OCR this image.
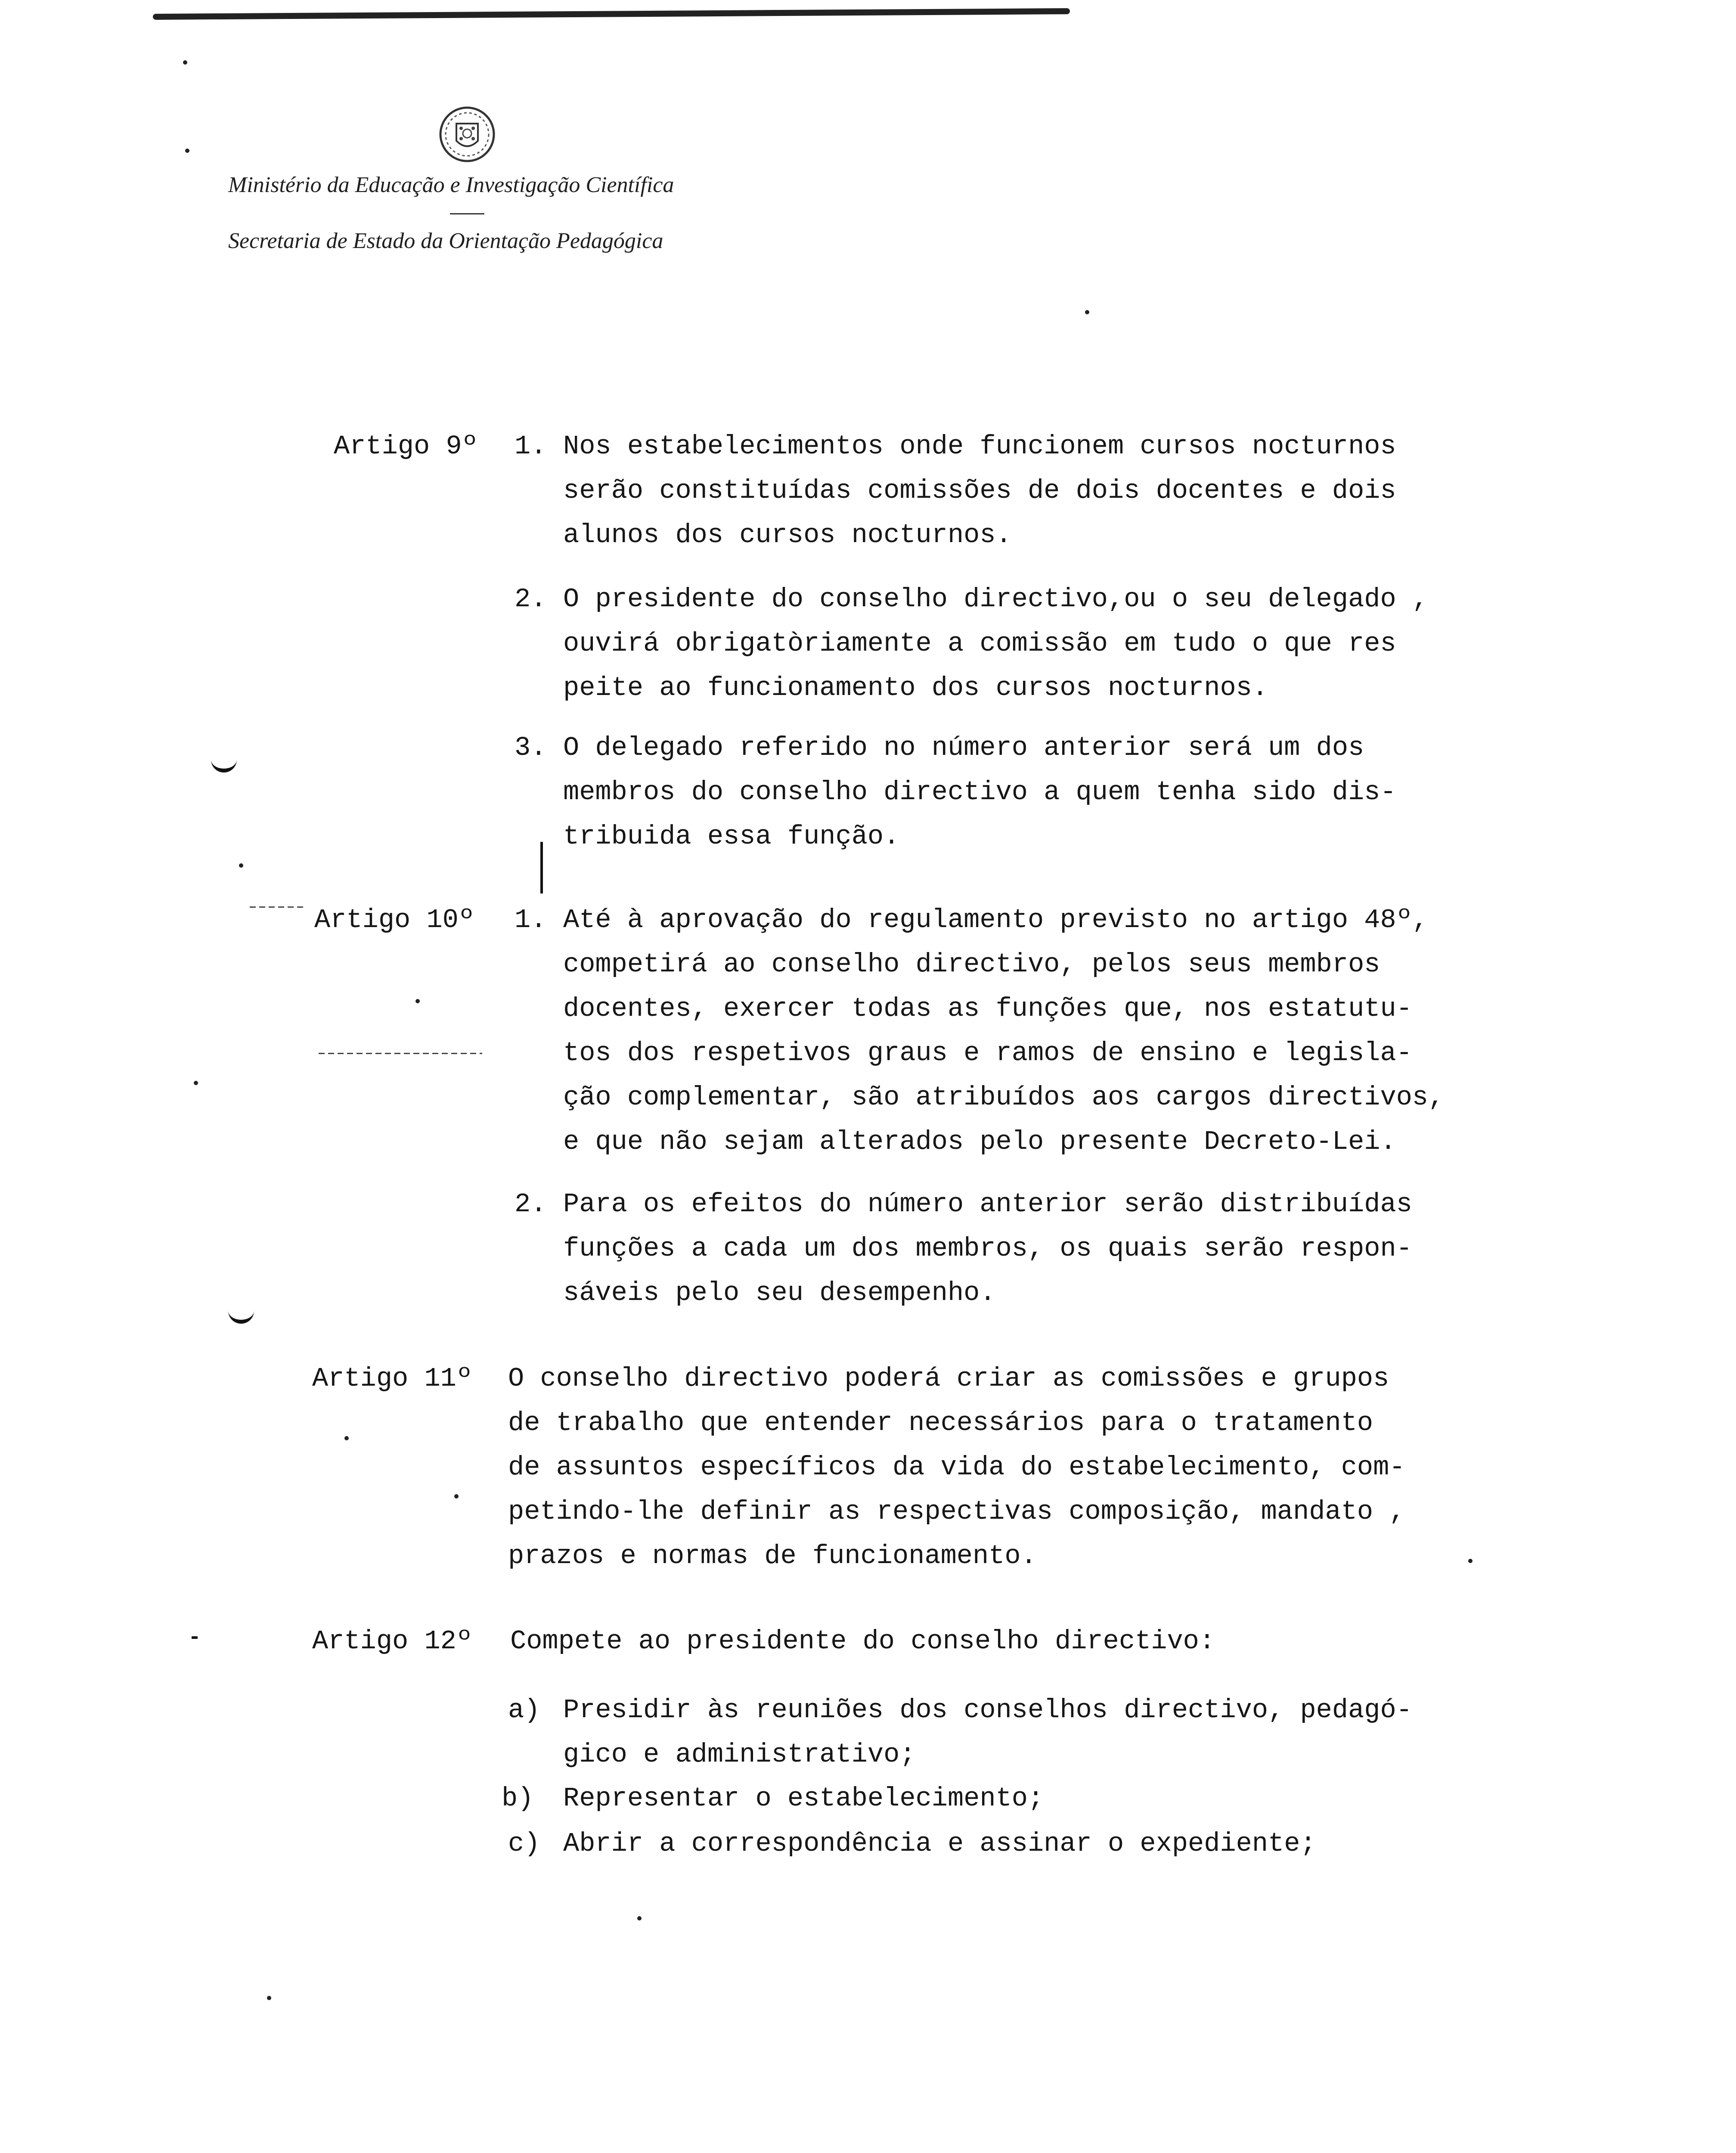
Ministério da Educação e Investigação Científica
Secretaria de Estado da Orientação Pedagógica
Artigo 9º 1. Nos estabelecimentos onde funcionem cursos nocturnos
serão constituídas comissões de dois docentes e dois
alunos dos cursos nocturnos.
2. O presidente do conselho directivo,ou o seu delegado ,
ouvirá obrigatòriamente a comissão em tudo o que res
peite ao funcionamento dos cursos nocturnos.
3. O delegado referido no número anterior será um dos
membros do conselho directivo a quem tenha sido dis-
tribuida essa função.
Artigo 10º 1. Até à aprovação do regulamento previsto no artigo 48º,
competirá ao conselho directivo, pelos seus membros
docentes, exercer todas as funções que, nos estatutu-
tos dos respetivos graus e ramos de ensino e legisla-
ção complementar, são atribuídos aos cargos directivos,
e que não sejam alterados pelo presente Decreto-Lei.
2. Para os efeitos do número anterior serão distribuídas
funções a cada um dos membros, os quais serão respon-
sáveis pelo seu desempenho.
Artigo 11º O conselho directivo poderá criar as comissões e grupos
de trabalho que entender necessários para o tratamento
de assuntos específicos da vida do estabelecimento, com-
petindo-lhe definir as respectivas composição, mandato ,
prazos e normas de funcionamento.
Artigo 12º Compete ao presidente do conselho directivo:
a) Presidir às reuniões dos conselhos directivo, pedagó-
gico e administrativo;
b) Representar o estabelecimento;
c) Abrir a correspondência e assinar o expediente;
